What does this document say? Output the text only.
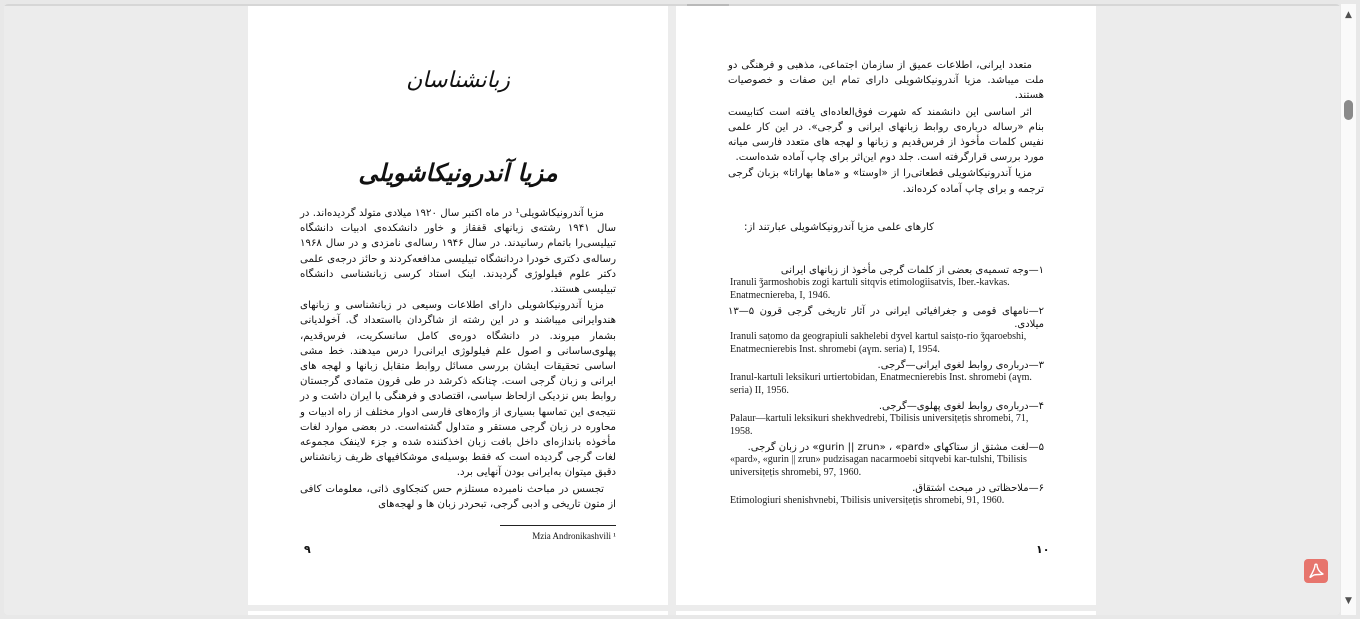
زبانشناسان
مزیا آندرونیکاشویلی

مزیا آندرونیکاشویلی¹ در ماه اکتبر سال ۱۹۲۰ میلادی متولد گردیده‌اند. در سال ۱۹۴۱ رشته‌ی زبانهای قفقاز و خاور دانشکده‌ی ادبیات دانشگاه تبیلیسی‌را باتمام رسانیدند. در سال ۱۹۴۶ رساله‌ی نامزدی و در سال ۱۹۶۸ رساله‌ی دکتری خودرا دردانشگاه تبیلیسی مدافعه‌کردند و حائز درجه‌ی علمی دکتر علوم فیلولوژی گردیدند. اینک استاد کرسی زبانشناسی دانشگاه تبیلیسی هستند.

مزیا آندرونیکاشویلی دارای اطلاعات وسیعی در زبانشناسی و زبانهای هندوایرانی میباشند و در این رشته از شاگردان بااستعداد گ. آخولدیانی بشمار میروند. در دانشگاه دوره‌ی کامل سانسکریت، فرس‌قدیم، پهلوی‌ساسانی و اصول علم فیلولوژی ایرانی‌را درس میدهند. خط مشی اساسی تحقیقات ایشان بررسی مسائل روابط متقابل زبانها و لهجه های ایرانی و زبان گرجی است. چنانکه ذکرشد در طی قرون متمادی گرجستان روابط بس نزدیکی ازلحاظ سیاسی، اقتصادی و فرهنگی با ایران داشت و در نتیجه‌ی این تماسها بسیاری از واژه‌های فارسی ادوار مختلف از راه ادبیات و محاوره در زبان گرجی مستقر و متداول گشته‌است. در بعضی موارد لغات مأخوذه باندازه‌ای داخل بافت زبان اخذکننده شده و جزء لاینفک مجموعه لغات گرجی گردیده است که فقط بوسیله‌ی موشکافیهای ظریف زبانشناس دقیق میتوان به‌ایرانی بودن آنهایی برد.

تجسس در مباحث نامبرده مستلزم حس کنجکاوی ذاتی، معلومات کافی از متون تاریخی و ادبی گرجی، تبحردر زبان ها و لهجه‌های

Mzia Andronikashvili ¹
۹

متعدد ایرانی، اطلاعات عمیق از سازمان اجتماعی، مذهبی و فرهنگی دو ملت میباشد. مزیا آندرونیکاشویلی دارای تمام این صفات و خصوصیات هستند.

اثر اساسی این دانشمند که شهرت فوق‌العاده‌ای یافته است کتابیست بنام «رساله درباره‌ی روابط زبانهای ایرانی و گرجی». در این کار علمی نفیس کلمات مأخوذ از فرس‌قدیم و زبانها و لهجه های متعدد فارسی میانه مورد بررسی قرارگرفته است. جلد دوم این‌اثر برای چاپ آماده شده‌است.

مزیا آندرونیکاشویلی قطعاتی‌را از «اوستا» و «ماها بهاراتا» بزبان گرجی ترجمه و برای چاپ آماده کرده‌اند.

کارهای علمی مزیا آندرونیکاشویلی عبارتند از:
۱—وجه تسمیه‌ی بعضی از کلمات گرجی مأخوذ از زبانهای ایرانی
Iranuli ǯarmoshobis zogi kartuli sitqvis etimologiisatvis, Iber.-kavkas. Enatmecniereba, I, 1946.
۲—نامهای قومی و جغرافیائی ایرانی در آثار تاریخی گرجی قرون ۵—۱۳ میلادی.
Iranuli saṭomo da geograpiuli sakhelebi dʒvel kartul saisṭo-rio ǯqaroebshi, Enatmecnierebis Inst. shromebi (aɣm. seria) I, 1954.
۳—درباره‌ی روابط لغوی ایرانی—گرجی.
Iranul-kartuli leksikuri urtiertobidan, Enatmecnierebis Inst. shromebi (aɣm. seria) II, 1956.
۴—درباره‌ی روابط لغوی پهلوی—گرجی.
Palaur—kartuli leksikuri shekhvedrebi, Tbilisis universiṭeṭis shromebi, 71, 1958.
۵—لغت مشتق از ستاکهای «gurin || zrun» ، «pard» در زبان گرجی.
«pard», «gurin || zrun» pudzisagan nacarmoebi sitqvebi kar-tulshi, Tbilisis universiṭeṭis shromebi, 97, 1960.
۶—ملاحظاتی در مبحث اشتقاق.
Etimologiuri shenishvnebi, Tbilisis universiṭeṭis shromebi, 91, 1960.
۱۰
▲
▼
